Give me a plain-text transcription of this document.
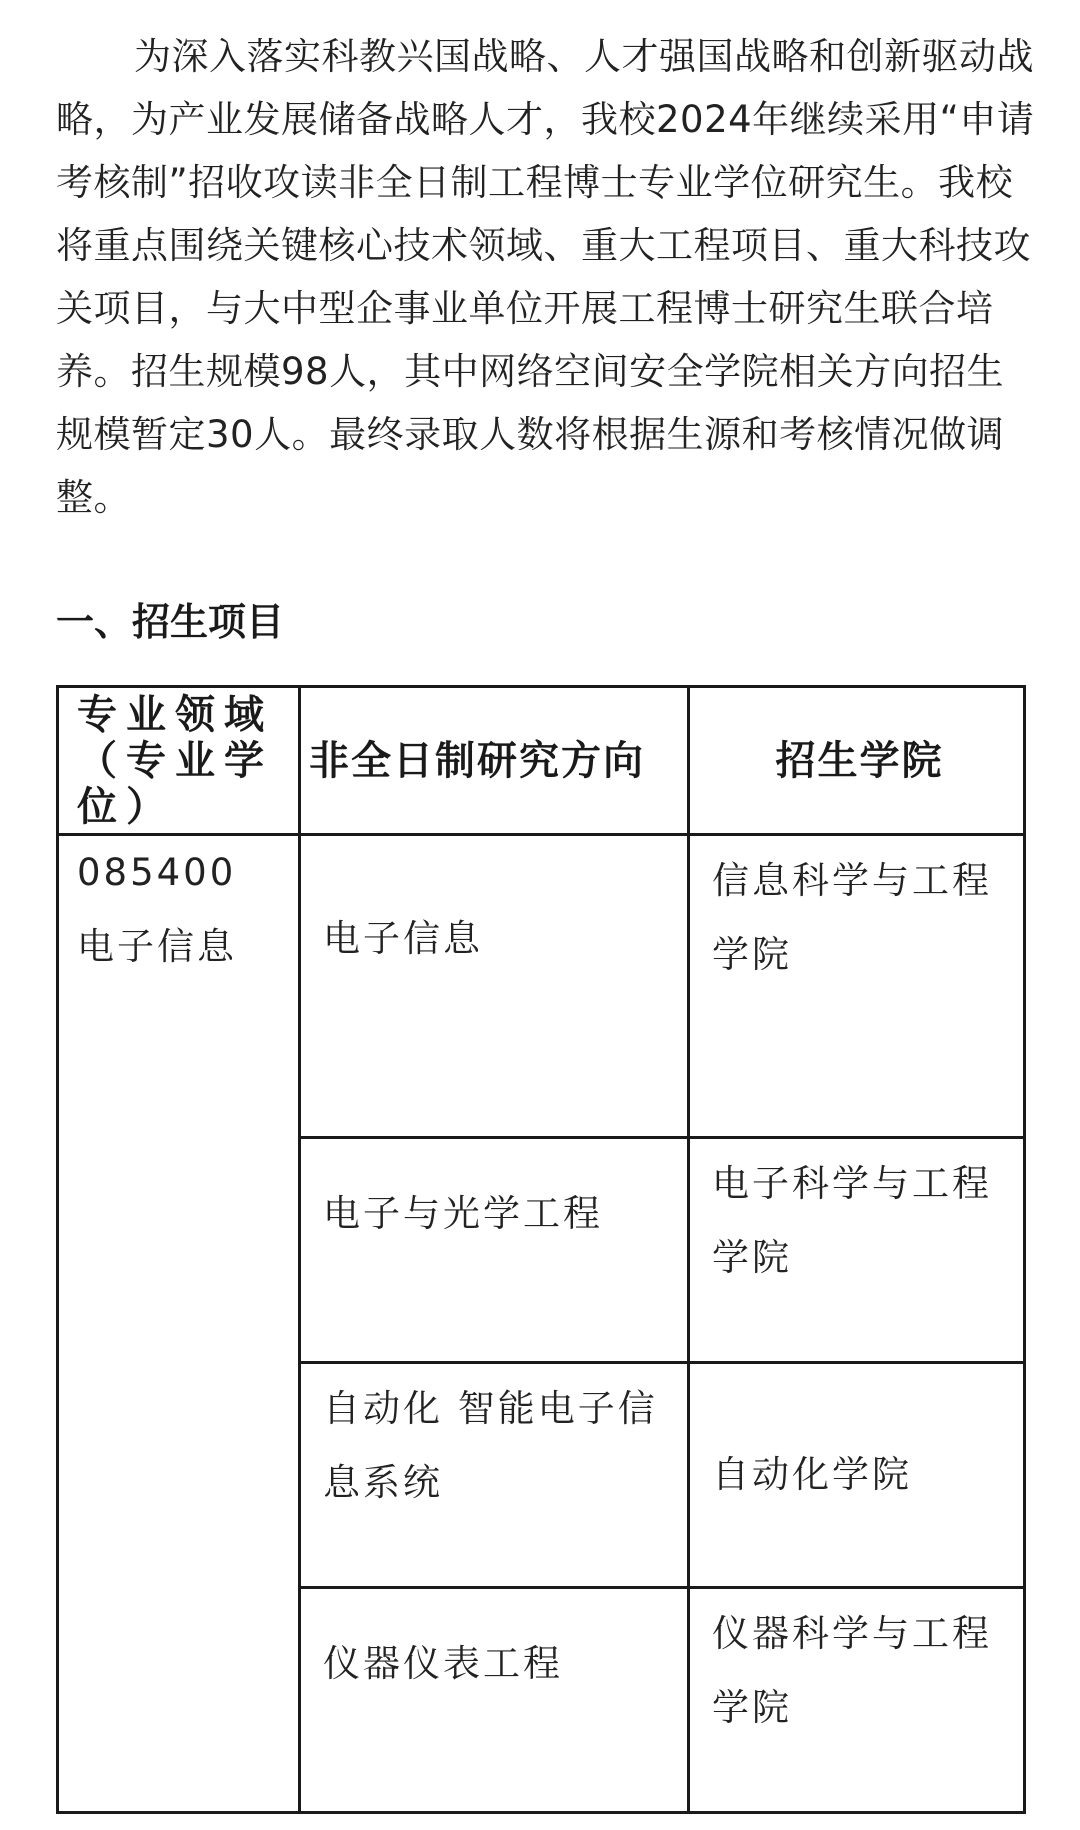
为深入落实科教兴国战略、人才强国战略和创新驱动战略，为产业发展储备战略人才，我校2024年继续采用“申请考核制”招收攻读非全日制工程博士专业学位研究生。我校将重点围绕关键核心技术领域、重大工程项目、重大科技攻关项目，与大中型企事业单位开展工程博士研究生联合培养。招生规模98人，其中网络空间安全学院相关方向招生规模暂定30人。最终录取人数将根据生源和考核情况做调整。

一、招生项目
专业领域（专业学位）	非全日制研究方向	招生学院

085400 电子信息	电子信息	信息科学与工程学院

	电子与光学工程	电子科学与工程学院

	自动化 智能电子信息系统	自动化学院

	仪器仪表工程	仪器科学与工程学院
